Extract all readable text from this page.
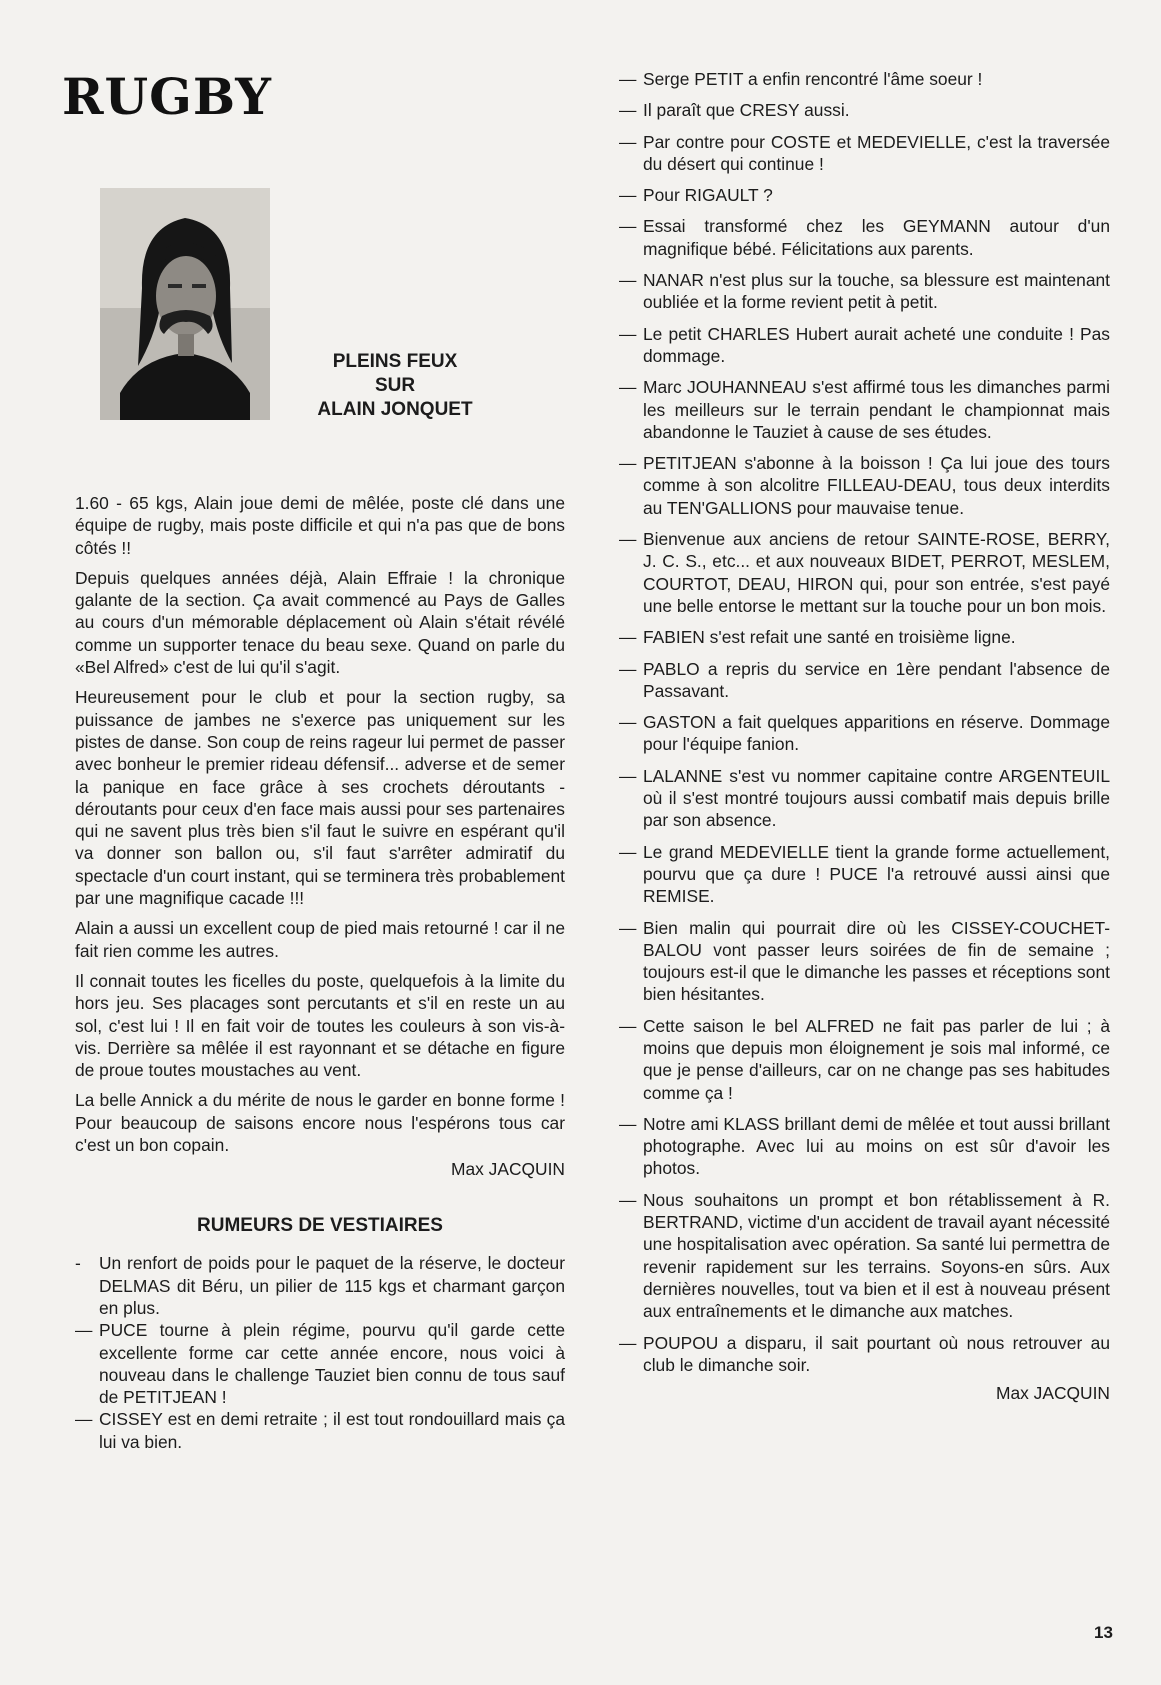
RUGBY
PLEINS FEUX
SUR
ALAIN JONQUET

1.60 - 65 kgs, Alain joue demi de mêlée, poste clé dans une équipe de rugby, mais poste difficile et qui n'a pas que de bons côtés !!

Depuis quelques années déjà, Alain Effraie ! la chronique galante de la section. Ça avait commencé au Pays de Galles au cours d'un mémorable déplacement où Alain s'était révélé comme un supporter tenace du beau sexe. Quand on parle du «Bel Alfred» c'est de lui qu'il s'agit.

Heureusement pour le club et pour la section rugby, sa puissance de jambes ne s'exerce pas uniquement sur les pistes de danse. Son coup de reins rageur lui permet de passer avec bonheur le premier rideau défensif... adverse et de semer la panique en face grâce à ses crochets déroutants - déroutants pour ceux d'en face mais aussi pour ses partenaires qui ne savent plus très bien s'il faut le suivre en espérant qu'il va donner son ballon ou, s'il faut s'arrêter admiratif du spectacle d'un court instant, qui se terminera très probablement par une magnifique cacade !!!

Alain a aussi un excellent coup de pied mais retourné ! car il ne fait rien comme les autres.

Il connait toutes les ficelles du poste, quelquefois à la limite du hors jeu. Ses placages sont percutants et s'il en reste un au sol, c'est lui ! Il en fait voir de toutes les couleurs à son vis-à-vis. Derrière sa mêlée il est rayonnant et se détache en figure de proue toutes moustaches au vent.

La belle Annick a du mérite de nous le garder en bonne forme ! Pour beaucoup de saisons encore nous l'espérons tous car c'est un bon copain.

Max JACQUIN
RUMEURS DE VESTIAIRES
-	Un renfort de poids pour le paquet de la réserve, le docteur DELMAS dit Béru, un pilier de 115 kgs et charmant garçon en plus.
— PUCE tourne à plein régime, pourvu qu'il garde cette excellente forme car cette année encore, nous voici à nouveau dans le challenge Tauziet bien connu de tous sauf de PETITJEAN !
— CISSEY est en demi retraite ; il est tout rondouillard mais ça lui va bien.
— Serge PETIT a enfin rencontré l'âme soeur !
— Il paraît que CRESY aussi.
— Par contre pour COSTE et MEDEVIELLE, c'est la traversée du désert qui continue !
— Pour RIGAULT ?
— Essai transformé chez les GEYMANN autour d'un magnifique bébé. Félicitations aux parents.
— NANAR n'est plus sur la touche, sa blessure est maintenant oubliée et la forme revient petit à petit.
— Le petit CHARLES Hubert aurait acheté une conduite ! Pas dommage.
— Marc JOUHANNEAU s'est affirmé tous les dimanches parmi les meilleurs sur le terrain pendant le championnat mais abandonne le Tauziet à cause de ses études.
— PETITJEAN s'abonne à la boisson ! Ça lui joue des tours comme à son alcolitre FILLEAU-DEAU, tous deux interdits au TEN'GALLIONS pour mauvaise tenue.
— Bienvenue aux anciens de retour SAINTE-ROSE, BERRY, J. C. S., etc... et aux nouveaux BIDET, PERROT, MESLEM, COURTOT, DEAU, HIRON qui, pour son entrée, s'est payé une belle entorse le mettant sur la touche pour un bon mois.
— FABIEN s'est refait une santé en troisième ligne.
— PABLO a repris du service en 1ère pendant l'absence de Passavant.
— GASTON a fait quelques apparitions en réserve. Dommage pour l'équipe fanion.
— LALANNE s'est vu nommer capitaine contre ARGENTEUIL où il s'est montré toujours aussi combatif mais depuis brille par son absence.
— Le grand MEDEVIELLE tient la grande forme actuellement, pourvu que ça dure ! PUCE l'a retrouvé aussi ainsi que REMISE.
— Bien malin qui pourrait dire où les CISSEY-COUCHET-BALOU vont passer leurs soirées de fin de semaine ; toujours est-il que le dimanche les passes et réceptions sont bien hésitantes.
— Cette saison le bel ALFRED ne fait pas parler de lui ; à moins que depuis mon éloignement je sois mal informé, ce que je pense d'ailleurs, car on ne change pas ses habitudes comme ça !
— Notre ami KLASS brillant demi de mêlée et tout aussi brillant photographe. Avec lui au moins on est sûr d'avoir les photos.
— Nous souhaitons un prompt et bon rétablissement à R. BERTRAND, victime d'un accident de travail ayant nécessité une hospitalisation avec opération. Sa santé lui permettra de revenir rapidement sur les terrains. Soyons-en sûrs. Aux dernières nouvelles, tout va bien et il est à nouveau présent aux entraînements et le dimanche aux matches.
— POUPOU a disparu, il sait pourtant où nous retrouver au club le dimanche soir.
Max JACQUIN
13
